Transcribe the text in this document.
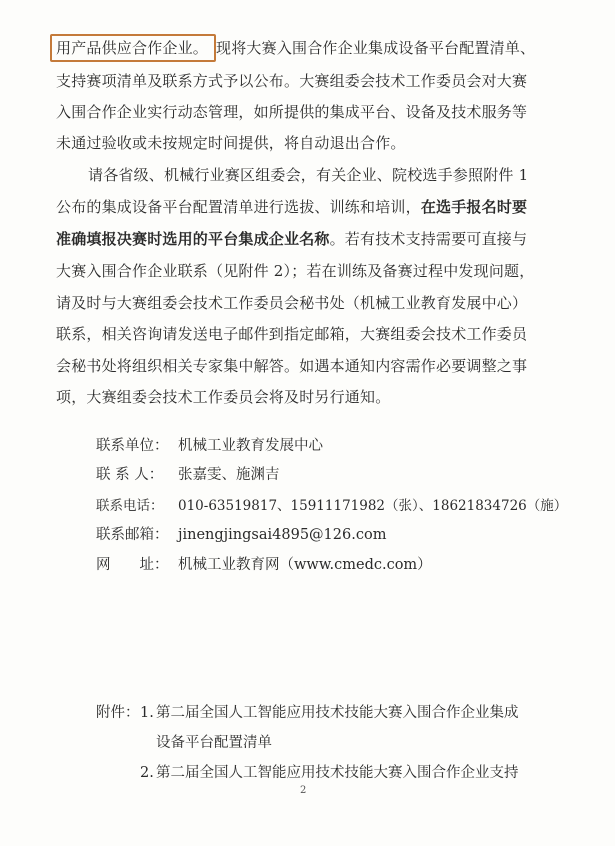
用产品供应合作企业。 现将大赛入围合作企业集成设备平台配置清单、
支持赛项清单及联系方式予以公布。大赛组委会技术工作委员会对大赛
入围合作企业实行动态管理，如所提供的集成平台、设备及技术服务等
未通过验收或未按规定时间提供，将自动退出合作。
请各省级、机械行业赛区组委会，有关企业、院校选手参照附件 1
公布的集成设备平台配置清单进行选拔、训练和培训，在选手报名时要
准确填报决赛时选用的平台集成企业名称。若有技术支持需要可直接与
大赛入围合作企业联系（见附件 2）；若在训练及备赛过程中发现问题，
请及时与大赛组委会技术工作委员会秘书处（机械工业教育发展中心）
联系，相关咨询请发送电子邮件到指定邮箱，大赛组委会技术工作委员
会秘书处将组织相关专家集中解答。如遇本通知内容需作必要调整之事
项，大赛组委会技术工作委员会将及时另行通知。
联系单位： 机械工业教育发展中心
联 系 人： 张嘉雯、施渊吉
联系电话： 010-63519817、15911171982（张）、18621834726（施）
联系邮箱： jinengjingsai4895@126.com
网　　址： 机械工业教育网（www.cmedc.com）
附件： 1. 第二届全国人工智能应用技术技能大赛入围合作企业集成
设备平台配置清单
2. 第二届全国人工智能应用技术技能大赛入围合作企业支持
2
